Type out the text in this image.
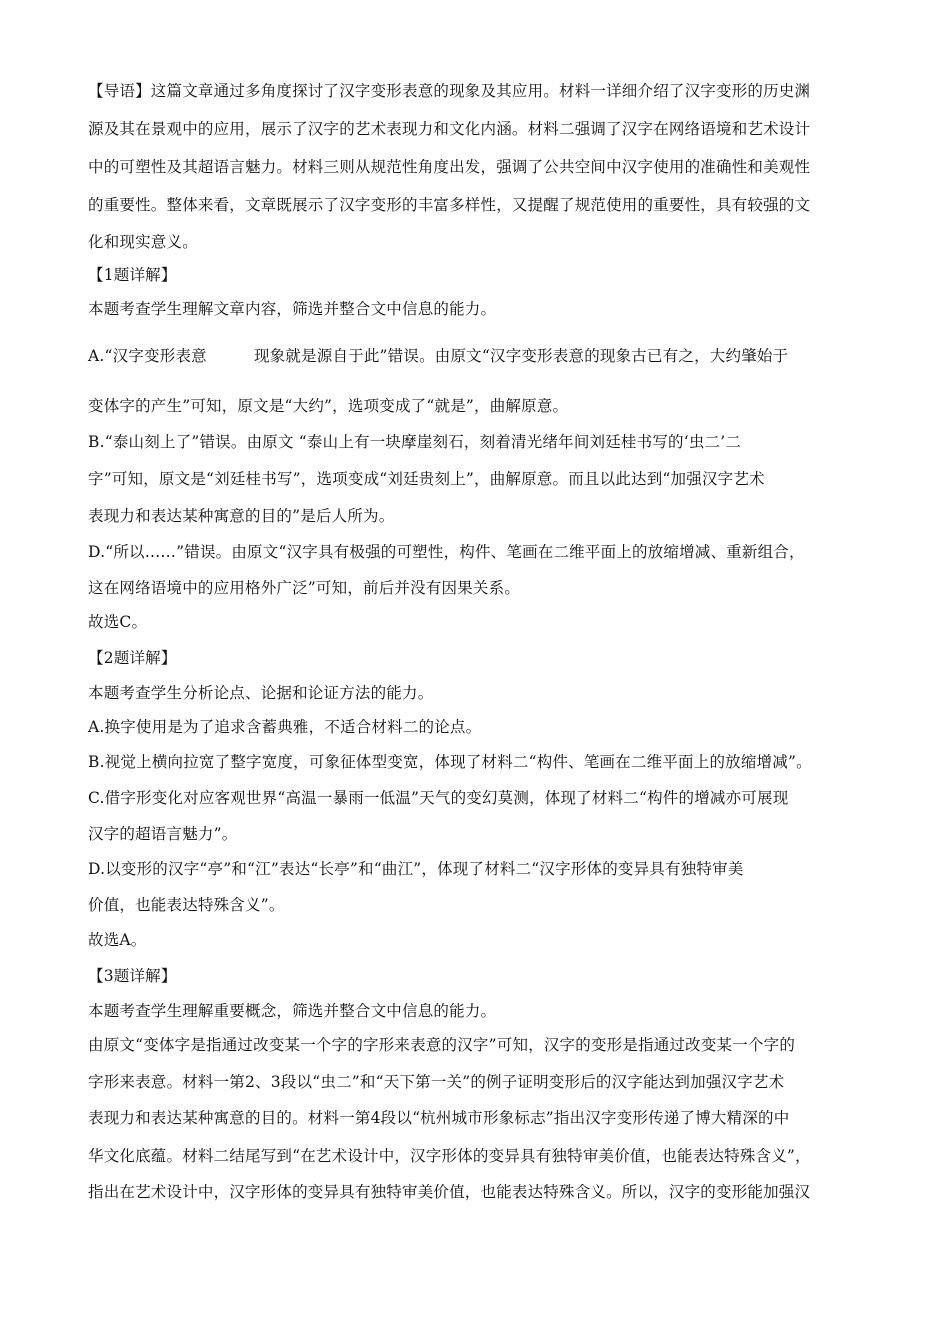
【导语】这篇文章通过多角度探讨了汉字变形表意的现象及其应用。材料一详细介绍了汉字变形的历史渊
源及其在景观中的应用，展示了汉字的艺术表现力和文化内涵。材料二强调了汉字在网络语境和艺术设计
中的可塑性及其超语言魅力。材料三则从规范性角度出发，强调了公共空间中汉字使用的准确性和美观性
的重要性。整体来看，文章既展示了汉字变形的丰富多样性，又提醒了规范使用的重要性，具有较强的文
化和现实意义。
【1题详解】
本题考查学生理解文章内容，筛选并整合文中信息的能力。
A.“汉字变形表意　　　现象就是源自于此”错误。由原文“汉字变形表意的现象古已有之，大约肇始于
变体字的产生”可知，原文是“大约”，选项变成了“就是”，曲解原意。
B.“泰山刻上了”错误。由原文 “泰山上有一块摩崖刻石，刻着清光绪年间刘廷桂书写的‘虫二’二
字”可知，原文是“刘廷桂书写”，选项变成“刘廷贵刻上”，曲解原意。而且以此达到“加强汉字艺术
表现力和表达某种寓意的目的”是后人所为。
D.“所以……”错误。由原文“汉字具有极强的可塑性，构件、笔画在二维平面上的放缩增减、重新组合，
这在网络语境中的应用格外广泛”可知，前后并没有因果关系。
故选C。
【2题详解】
本题考查学生分析论点、论据和论证方法的能力。
A.换字使用是为了追求含蓄典雅，不适合材料二的论点。
B.视觉上横向拉宽了整字宽度，可象征体型变宽，体现了材料二“构件、笔画在二维平面上的放缩增减”。
C.借字形变化对应客观世界“高温一暴雨一低温”天气的变幻莫测，体现了材料二“构件的增减亦可展现
汉字的超语言魅力”。
D.以变形的汉字“亭”和“江”表达“长亭”和“曲江”，体现了材料二“汉字形体的变异具有独特审美
价值，也能表达特殊含义”。
故选A。
【3题详解】
本题考查学生理解重要概念，筛选并整合文中信息的能力。
由原文“变体字是指通过改变某一个字的字形来表意的汉字”可知，汉字的变形是指通过改变某一个字的
字形来表意。材料一第2、3段以“虫二”和“天下第一关”的例子证明变形后的汉字能达到加强汉字艺术
表现力和表达某种寓意的目的。材料一第4段以“杭州城市形象标志”指出汉字变形传递了博大精深的中
华文化底蕴。材料二结尾写到“在艺术设计中，汉字形体的变异具有独特审美价值，也能表达特殊含义”，
指出在艺术设计中，汉字形体的变异具有独特审美价值，也能表达特殊含义。所以，汉字的变形能加强汉
